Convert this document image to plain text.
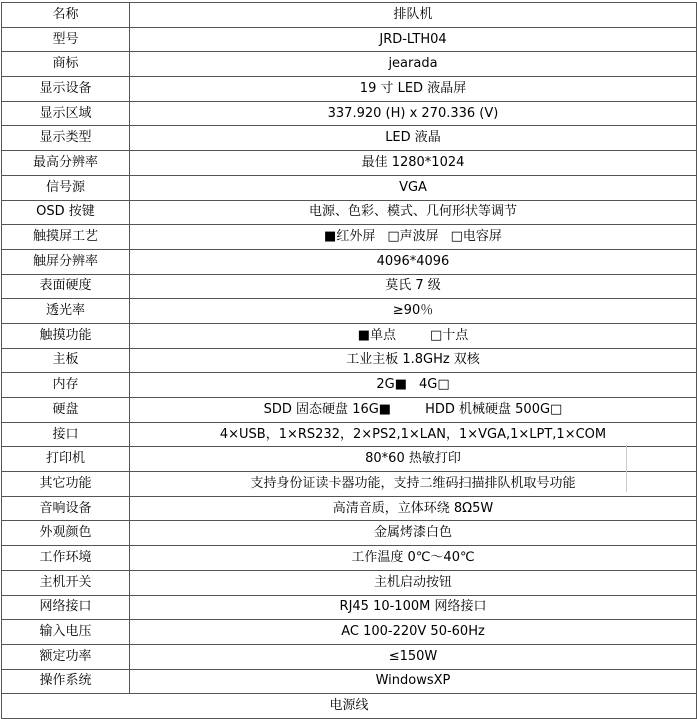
名称	排队机
型号	JRD-LTH04
商标	jearada
显示设备	19 寸 LED 液晶屏
显示区域	337.920 (H) x 270.336 (V)
显示类型	LED 液晶
最高分辨率	最佳 1280*1024
信号源	VGA
OSD 按键	电源、色彩、模式、几何形状等调节
触摸屏工艺	■红外屏 □声波屏 □电容屏
触屏分辨率	4096*4096
表面硬度	莫氏 7 级
透光率	≥90％
触摸功能	■单点 □十点
主板	工业主板 1.8GHz 双核
内存	2G■ 4G□
硬盘	SDD 固态硬盘 16G■ HDD 机械硬盘 500G□
接口	4×USB，1×RS232，2×PS2,1×LAN，1×VGA,1×LPT,1×COM
打印机	80*60 热敏打印
其它功能	支持身份证读卡器功能，支持二维码扫描排队机取号功能
音响设备	高清音质，立体环绕 8Ω5W
外观颜色	金属烤漆白色
工作环境	工作温度 0℃～40℃
主机开关	主机启动按钮
网络接口	RJ45 10-100M 网络接口
输入电压	AC 100-220V 50-60Hz
额定功率	≤150W
操作系统	WindowsXP
电源线	
